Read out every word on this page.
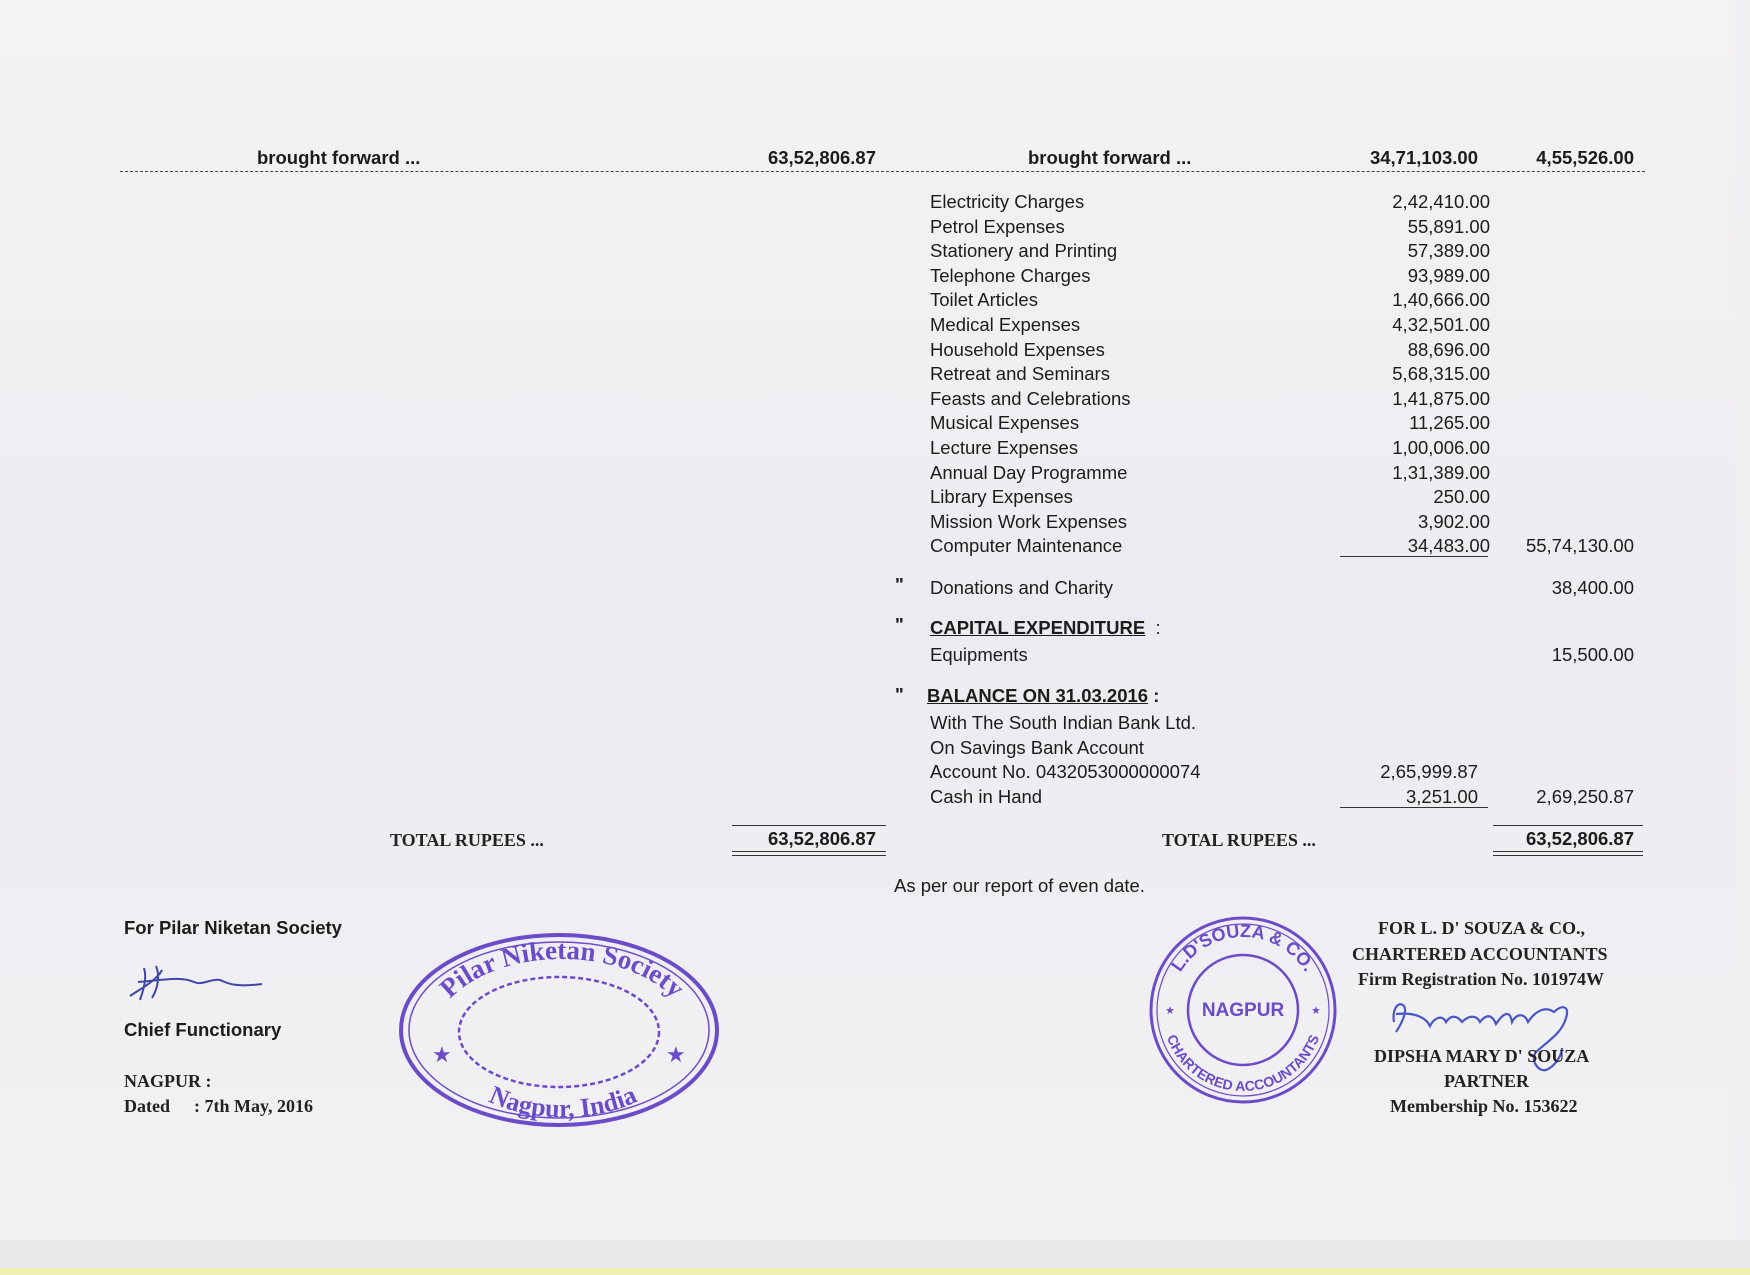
brought forward ...	63,52,806.87	brought forward ...	34,71,103.00	4,55,526.00
Electricity Charges	2,42,410.00
Petrol Expenses	55,891.00
Stationery and Printing	57,389.00
Telephone Charges	93,989.00
Toilet Articles	1,40,666.00
Medical Expenses	4,32,501.00
Household Expenses	88,696.00
Retreat and Seminars	5,68,315.00
Feasts and Celebrations	1,41,875.00
Musical Expenses	11,265.00
Lecture Expenses	1,00,006.00
Annual Day Programme	1,31,389.00
Library Expenses	250.00
Mission Work Expenses	3,902.00
Computer Maintenance	34,483.00	55,74,130.00
" Donations and Charity	38,400.00
" CAPITAL EXPENDITURE :
Equipments	15,500.00
" BALANCE ON 31.03.2016 :
With The South Indian Bank Ltd.
On Savings Bank Account
Account No. 0432053000000074	2,65,999.87
Cash in Hand	3,251.00	2,69,250.87
TOTAL RUPEES ...	63,52,806.87	TOTAL RUPEES ...	63,52,806.87
As per our report of even date.
For Pilar Niketan Society
Chief Functionary
NAGPUR :
Dated : 7th May, 2016
Pilar Niketan Society
Nagpur, India
★	★
L.D'SOUZA & CO.
CHARTERED ACCOUNTANTS
NAGPUR
★	★
FOR L. D' SOUZA & CO.,
CHARTERED ACCOUNTANTS
Firm Registration No. 101974W
DIPSHA MARY D' SOUZA
PARTNER
Membership No. 153622
